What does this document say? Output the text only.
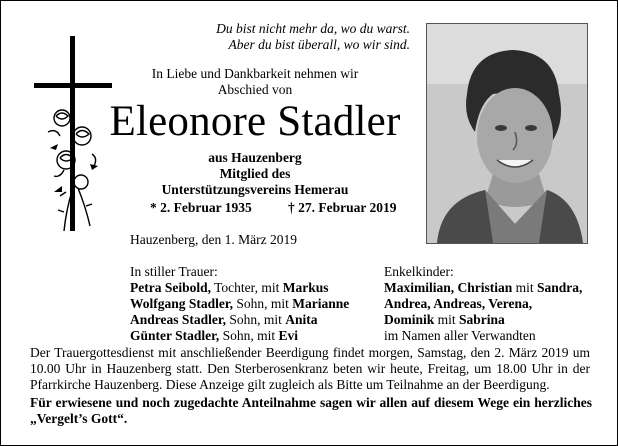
Du bist nicht mehr da, wo du warst.
Aber du bist überall, wo wir sind.
In Liebe und Dankbarkeit nehmen wir
Abschied von
Eleonore Stadler
aus Hauzenberg
Mitglied des
Unterstützungsvereins Hemerau
* 2. Februar 1935	† 27. Februar 2019
Hauzenberg, den 1. März 2019
In stiller Trauer:
Petra Seibold, Tochter, mit Markus
Wolfgang Stadler, Sohn, mit Marianne
Andreas Stadler, Sohn, mit Anita
Günter Stadler, Sohn, mit Evi
Enkelkinder:
Maximilian, Christian mit Sandra,
Andrea, Andreas, Verena,
Dominik mit Sabrina
im Namen aller Verwandten
Der Trauergottesdienst mit anschließender Beerdigung findet morgen, Samstag, den 2. März 2019 um 10.00 Uhr in Hauzenberg statt. Den Sterberosenkranz beten wir heute, Freitag, um 18.00 Uhr in der Pfarrkirche Hauzenberg. Diese Anzeige gilt zugleich als Bitte um Teilnahme an der Beerdigung.
Für erwiesene und noch zugedachte Anteilnahme sagen wir allen auf diesem Wege ein herzliches „Vergelt’s Gott“.
